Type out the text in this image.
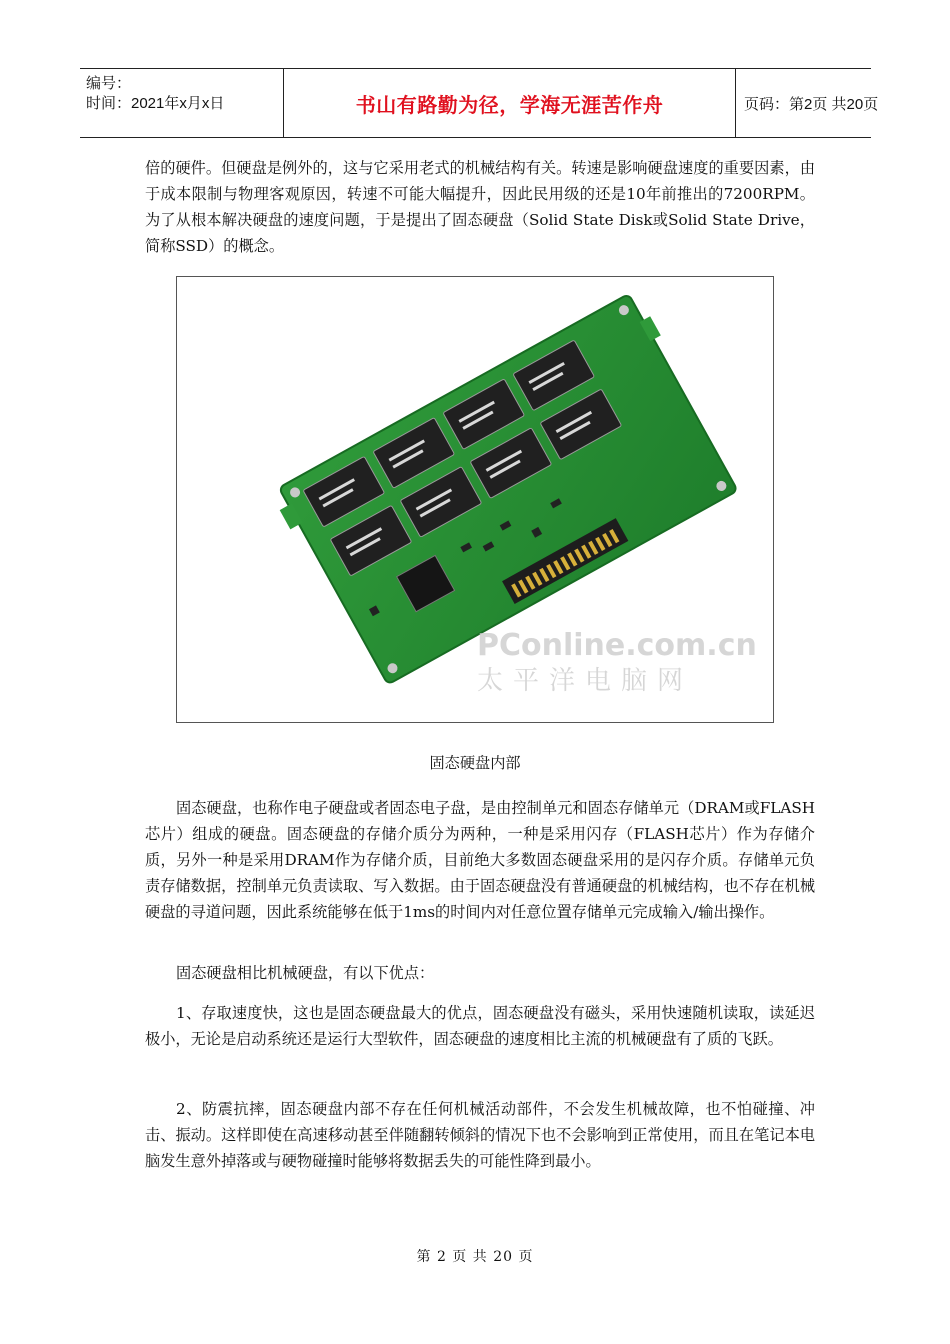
编号：
时间：2021年x月x日	书山有路勤为径，学海无涯苦作舟	页码：第2页 共20页
倍的硬件。但硬盘是例外的，这与它采用老式的机械结构有关。转速是影响硬盘速度的重要因素，由于成本限制与物理客观原因，转速不可能大幅提升，因此民用级的还是10年前推出的7200RPM。为了从根本解决硬盘的速度问题，于是提出了固态硬盘（Solid State Disk或Solid State Drive，简称SSD）的概念。
PConline.com.cn
太平洋电脑网
固态硬盘内部
固态硬盘，也称作电子硬盘或者固态电子盘，是由控制单元和固态存储单元（DRAM或FLASH芯片）组成的硬盘。固态硬盘的存储介质分为两种，一种是采用闪存（FLASH芯片）作为存储介质，另外一种是采用DRAM作为存储介质，目前绝大多数固态硬盘采用的是闪存介质。存储单元负责存储数据，控制单元负责读取、写入数据。由于固态硬盘没有普通硬盘的机械结构，也不存在机械硬盘的寻道问题，因此系统能够在低于1ms的时间内对任意位置存储单元完成输入/输出操作。
固态硬盘相比机械硬盘，有以下优点：
1、存取速度快，这也是固态硬盘最大的优点，固态硬盘没有磁头，采用快速随机读取，读延迟极小，无论是启动系统还是运行大型软件，固态硬盘的速度相比主流的机械硬盘有了质的飞跃。
2、防震抗摔，固态硬盘内部不存在任何机械活动部件，不会发生机械故障，也不怕碰撞、冲击、振动。这样即使在高速移动甚至伴随翻转倾斜的情况下也不会影响到正常使用，而且在笔记本电脑发生意外掉落或与硬物碰撞时能够将数据丢失的可能性降到最小。
第 2 页 共 20 页
